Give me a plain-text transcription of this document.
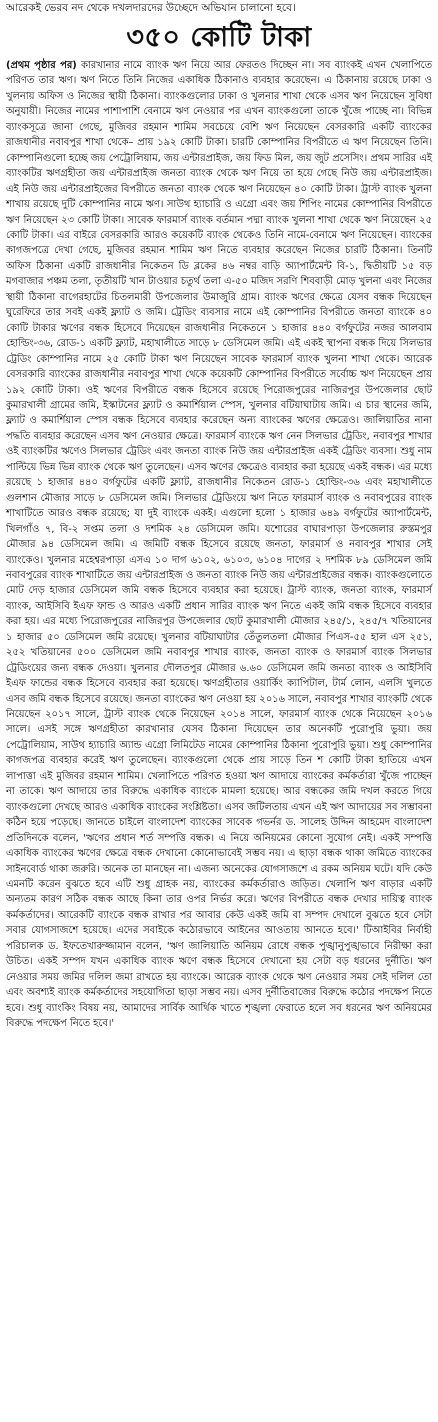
আরেকই ভেরব নদ থেকে দখলদারদের উচ্ছেদে অভিযান চালানো হবে।
৩৫০ কোটি টাকা

(প্রথম পৃষ্ঠার পর) কারখানার নামে ব্যাংক ঋণ নিয়ে আর ফেরতও দিচ্ছেন না। সব ব্যাংকই এখন খেলাপিতে পরিণত তার ঋণ। ঋণ নিতে তিনি নিজের একাধিক ঠিকানাও ব্যবহার করেছেন। এ ঠিকানায় রয়েছে ঢাকা ও খুলনায় অফিস ও নিজের স্থায়ী ঠিকানা। ব্যাংকগুলোর ঢাকা ও খুলনার শাখা থেকে এসব ঋণ নিয়েছেন সুবিধা অনুযায়ী। নিজের নামের পাশাপাশি বেনামে ঋণ নেওয়ার পর এখন ব্যাংকগুলো তাকে খুঁজে পাচ্ছে না। বিভিন্ন ব্যাংকসূত্রে জানা গেছে, মুজিবর রহমান শামিম সবচেয়ে বেশি ঋণ নিয়েছেন বেসরকারি একটি ব্যাংকের রাজধানীর নবাবপুর শাখা থেকে– প্রায় ১৯২ কোটি টাকা। চারটি কোম্পানির বিপরীতে এ ঋণ নিয়েছেন তিনি। কোম্পানিগুলো হচ্ছে জয় পেট্রোলিয়াম, জয় এন্টারপ্রাইজ, জয় ফিড মিল, জয় জুট প্রসেসিং। প্রথম সারির এই ব্যাংকটির ঋণগ্রহীতা জয় এন্টারপ্রাইজ জনতা ব্যাংক থেকে ঋণ নিয়ে তা হয়ে গেছে নিউ জয় এন্টারপ্রাইজ। এই নিউ জয় এন্টারপ্রাইজের বিপরীতে জনতা ব্যাংক থেকে ঋণ নিয়েছেন ৪০ কোটি টাকা। ট্রাস্ট ব্যাংক খুলনা শাখায় রয়েছে দুটি কোম্পানির নামে ঋণ। সাউথ হ্যাচারি ও এগ্রো এবং জয় শিপিং নামের কোম্পানির বিপরীতে ঋণ নিয়েছেন ২৩ কোটি টাকা। সাবেক ফারমার্স ব্যাংক বর্তমান পদ্মা ব্যাংক খুলনা শাখা থেকে ঋণ নিয়েছেন ২৫ কোটি টাকা। এর বাইরে বেসরকারি আরও কয়েকটি ব্যাংক থেকেও তিনি নামে-বেনামে ঋণ নিয়েছেন। ব্যাংকের কাগজপত্রে দেখা গেছে, মুজিবর রহমান শামিম ঋণ নিতে ব্যবহার করেছেন নিজের চারটি ঠিকানা। তিনটি অফিস ঠিকানা একটি রাজধানীর নিকেতন ডি ব্লকের ৪৬ নম্বর বাড়ি অ্যাপার্টমেন্ট বি-১, দ্বিতীয়টি ১৫ বড় মগবাজার পঞ্চম তলা, তৃতীয়টি খান টাওয়ার চতুর্থ তলা এ-৫০ মজিদ সরণি শিববাড়ী মোড় খুলনা এবং নিজের স্থায়ী ঠিকানা বাগেরহাটের চিতলমারী উপজেলার উমাজুরি গ্রাম। ব্যাংক ঋণের ক্ষেত্রে যেসব বন্ধক দিয়েছেন ঘুরেফিরে তার সবই একই ফ্ল্যাট ও জমি। ট্রেডিং ব্যবসার নামে এই কোম্পানির বিপরীতে জনতা ব্যাংকে ৪০ কোটি টাকার ঋণের বন্ধক হিসেবে দিয়েছেন রাজধানীর নিকেতনে ১ হাজার ৪৪০ বর্গফুটের নজর আলবাম হোল্ডিং-৩৬, রোড-১ একটি ফ্ল্যাট, মহাখালীতে সাড়ে ৮ ডেসিমেল জমি। এই একই স্থাপনা বন্ধক দিয়ে সিলভার ট্রেডিং কোম্পানির নামে ২৫ কোটি টাকা ঋণ নিয়েছেন সাবেক ফারমার্স ব্যাংক খুলনা শাখা থেকে। আরেক বেসরকারি ব্যাংকের রাজধানীর নবাবপুর শাখা থেকে কয়েকটি কোম্পানির বিপরীতে সর্বোচ্চ ঋণ নিয়েছেন প্রায় ১৯২ কোটি টাকা। ওই ঋণের বিপরীতে বন্ধক হিসেবে রয়েছে পিরোজপুরের নাজিরপুর উপজেলার ছোট কুমারখালী গ্রামের জমি, ইস্কাটনের ফ্ল্যাট ও কমার্শিয়াল স্পেস, খুলনার বটিয়াঘাটায় জমি। এ চার স্থানের জমি, ফ্ল্যাট ও কমার্শিয়াল স্পেস বন্ধক হিসেবে ব্যবহার করেছেন অন্য ব্যাংকের ঋণের ক্ষেত্রেও। জালিয়াতির নানা পদ্ধতি ব্যবহার করেছেন এসব ঋণ নেওয়ার ক্ষেত্রে। ফারমার্স ব্যাংকে ঋণ নেন সিলভার ট্রেডিং, নবাবপুর শাখার ওই ব্যাংকটির ঋণেও সিলভার ট্রেডিং এবং জনতা ব্যাংক নিউ জয় এন্টারপ্রাইজ একই ট্রেডিং ব্যবসা। শুধু নাম পাল্টিয়ে ভিন্ন ভিন্ন ব্যাংক থেকে ঋণ তুলেছেন। এসব ঋণের ক্ষেত্রেও ব্যবহার করা হয়েছে একই বন্ধক। এর মধ্যে রয়েছে ১ হাজার ৪৪০ বর্গফুটের একটি ফ্ল্যাট, রাজধানীর নিকেতন রোড-১ হোল্ডিং-৩৬ এবং মহাখালীতে গুলশান মৌজার সাড়ে ৮ ডেসিমেল জমি। সিলভার ট্রেডিংয়ে ঋণ নিতে ফারমার্স ব্যাংক ও নবাবপুরের ব্যাংক শাখাটিতে আরও বন্ধক রয়েছে; যা দুই ব্যাংকে একই। এগুলো হলো ১ হাজার ৬৪৯ বর্গফুটের অ্যাপার্টমেন্ট, খিলগাঁও ৭, বি-২ সপ্তম তলা ও দশমিক ২৪ ডেসিমেল জমি। যশোরের বাঘারপাড়া উপজেলার রুস্তমপুর মৌজার ৯৪ ডেসিমেল জমি। এ জমিটি বন্ধক হিসেবে রয়েছে জনতা, ফারমার্স ও নবাবপুর শাখার সেই ব্যাংকেও। খুলনার মহেশ্বরপাড়া এসএ ১০ দাগ ৬১০২, ৬১০৩, ৬১০৪ দাগের ২ দশমিক ৮৯ ডেসিমেল জমি নবাবপুরের ব্যাংক শাখাটিতে জয় এন্টারপ্রাইজ ও জনতা ব্যাংক নিউ জয় এন্টারপ্রাইজের বন্ধক। ব্যাংকগুলোতে মোট দেড় হাজার ডেসিমেল জমি বন্ধক হিসেবে ব্যবহার করা হয়েছে। ট্রাস্ট ব্যাংক, জনতা ব্যাংক, ফারমার্স ব্যাংক, আইসিবি ইএফ ফান্ড ও আরও একটি প্রধান সারির ব্যাংক ঋণ নিতে একই জমি বন্ধক হিসেবে ব্যবহার করা হয়। এর মধ্যে পিরোজপুরের নাজিরপুর উপজেলার ছোট কুমারখালী মৌজার ২৪৫/১, ২৪৫/৭ খতিয়ানের ১ হাজার ৫০ ডেসিমেল জমি রয়েছে। খুলনার বটিয়াঘাটার তেঁতুলতলা মৌজার পিএস-৫৫ হাল এস ২৫১, ২৫২ খতিয়ানের ৫০০ ডেসিমেল জমি নবাবপুর শাখার ব্যাংক, জনতা ব্যাংক ও ফারমার্স ব্যাংক সিলভার ট্রেডিংয়ের জন্য বন্ধক দেওয়া। খুলনার দৌলতপুর মৌজার ৬.৬০ ডেসিমেল জমি জনতা ব্যাংক ও আইসিবি ইএফ ফান্ডের বন্ধক হিসেবে ব্যবহার করা হয়েছে। ঋণগ্রহীতার ওয়ার্কিং ক্যাপিটাল, টার্ম লোন, এলসি খুলতে এসব জমি বন্ধক হিসেবে রয়েছে। জনতা ব্যাংকের ঋণ নেওয়া হয় ২০১৬ সালে, নবাবপুর শাখার ব্যাংকটি থেকে নিয়েছেন ২০১৭ সালে, ট্রাস্ট ব্যাংক থেকে নিয়েছেন ২০১৪ সালে, ফারমার্স ব্যাংক থেকে নিয়েছেন ২০১৬ সালে। এসই সঙ্গে ঋণগ্রহীতা কারখানার যেসব ঠিকানা দিয়েছেন তার অনেকটি পুরোপুরি ভুয়া। জয় পেট্রোলিয়াম, সাউথ হ্যাচারি অ্যান্ড এগ্রো লিমিটেড নামের কোম্পানির ঠিকানা পুরোপুরি ভুয়া। শুধু কোম্পানির কাগজপত্র ব্যবহার করেই ঋণ তুলেছেন। ব্যাংকগুলো থেকে প্রায় সাড়ে তিন শ কোটি টাকা হাতিয়ে এখন লাপাত্তা এই মুজিবর রহমান শামিম। খেলাপিতে পরিণত হওয়া ঋণ আদায়ে ব্যাংকের কর্মকর্তারা খুঁজে পাচ্ছেন না তাকে। ঋণ আদায়ে তার বিরুদ্ধে একাধিক ব্যাংকে মামলা হয়েছে। আর বন্ধকের জমি দখল করতে গিয়ে ব্যাংকগুলো দেখছে আরও একাধিক ব্যাংকের সংশ্লিষ্টতা। এসব জটিলতায় এখন এই ঋণ আদায়ের সব সম্ভাবনা কঠিন হয়ে পড়েছে। জানতে চাইলে বাংলাদেশ ব্যাংকের সাবেক গভর্নর ড. সালেহ উদ্দিন আহমেদ বাংলাদেশ প্রতিদিনকে বলেন, 'ঋণের প্রধান শর্ত সম্পত্তি বন্ধক। এ নিয়ে অনিয়মের কোনো সুযোগ নেই। একই সম্পত্তি একাধিক ব্যাংকের ঋণের ক্ষেত্রে বন্ধক দেখানো কোনোভাবেই সম্ভব নয়। এ ছাড়া বন্ধক থাকা জমিতে ব্যাংকের সাইনবোর্ড থাকা জরুরি। অনেক তা মানছেন না। এজন্য অনেকের যোগসাজশে এ রকম অনিয়ম ঘটে। যদি কেউ এমনটি করেন বুঝতে হবে এটি শুধু গ্রাহক নয়, ব্যাংকের কর্মকর্তারাও জড়িত। খেলাপি ঋণ বাড়ার একটি অন্যতম কারণ সঠিক বন্ধক আছে কিনা তার ওপর নির্ভর করে। ঋণের বিপরীতে বন্ধক দেখার দায়িত্ব ব্যাংক কর্মকর্তাদের। আরেকটি ব্যাংকে বন্ধক রাখার পর আবার কেউ একই জমি বা সম্পদ দেখালে বুঝতে হবে সেটা সবার যোগসাজশে হয়েছে। এদের সবাইকে কঠোরভাবে আইনের আওতায় আনতে হবে।' টিআইবির নির্বাহী পরিচালক ড. ইফতেখারুজ্জামান বলেন, 'ঋণ জালিয়াতি অনিয়ম রোধে বন্ধক পুঙ্খানুপুঙ্খভাবে নিরীক্ষা করা উচিত। একই সম্পদ যখন একাধিক ব্যাংক ঋণে বন্ধক হিসেবে দেখানো হয় সেটা বড় ধরনের দুর্নীতি। ঋণ নেওয়ার সময় জমির দলিল জমা রাখতে হয় ব্যাংকে। আরেক ব্যাংক থেকে ঋণ নেওয়ার সময় সেই দলিল তো এবং অবশ্যই ব্যাংক কর্মকর্তাদের সহযোগিতা ছাড়া সম্ভব নয়। এসব দুর্নীতিবাজের বিরুদ্ধে কঠোর পদক্ষেপ নিতে হবে। শুধু ব্যাংকিং বিষয় নয়, আমাদের সার্বিক আর্থিক খাতে শৃঙ্খলা ফেরাতে হলে সব ধরনের ঋণ অনিয়মের বিরুদ্ধে পদক্ষেপ নিতে হবে।'
